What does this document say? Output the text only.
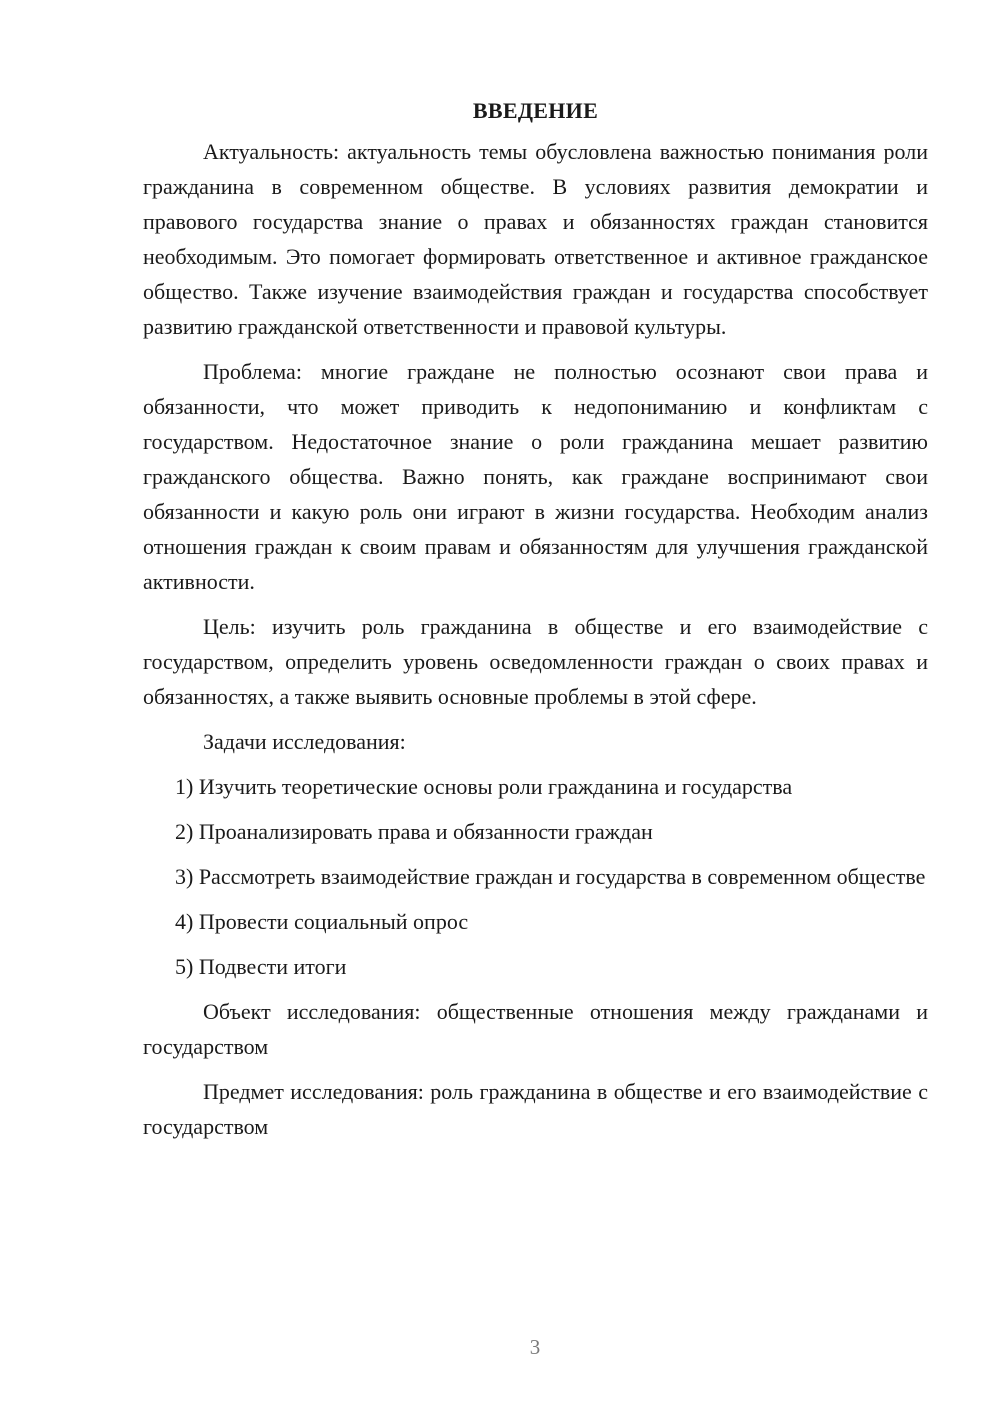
ВВЕДЕНИЕ

Актуальность: актуальность темы обусловлена важностью понимания роли гражданина в современном обществе. В условиях развития демократии и правового государства знание о правах и обязанностях граждан становится необходимым. Это помогает формировать ответственное и активное гражданское общество. Также изучение взаимодействия граждан и государства способствует развитию гражданской ответственности и правовой культуры.

Проблема: многие граждане не полностью осознают свои права и обязанности, что может приводить к недопониманию и конфликтам с государством. Недостаточное знание о роли гражданина мешает развитию гражданского общества. Важно понять, как граждане воспринимают свои обязанности и какую роль они играют в жизни государства. Необходим анализ отношения граждан к своим правам и обязанностям для улучшения гражданской активности.

Цель: изучить роль гражданина в обществе и его взаимодействие с государством, определить уровень осведомленности граждан о своих правах и обязанностях, а также выявить основные проблемы в этой сфере.

Задачи исследования:

1) Изучить теоретические основы роли гражданина и государства
2) Проанализировать права и обязанности граждан
3) Рассмотреть взаимодействие граждан и государства в современном обществе
4) Провести социальный опрос
5) Подвести итоги

Объект исследования: общественные отношения между гражданами и государством

Предмет исследования: роль гражданина в обществе и его взаимодействие с государством

3
